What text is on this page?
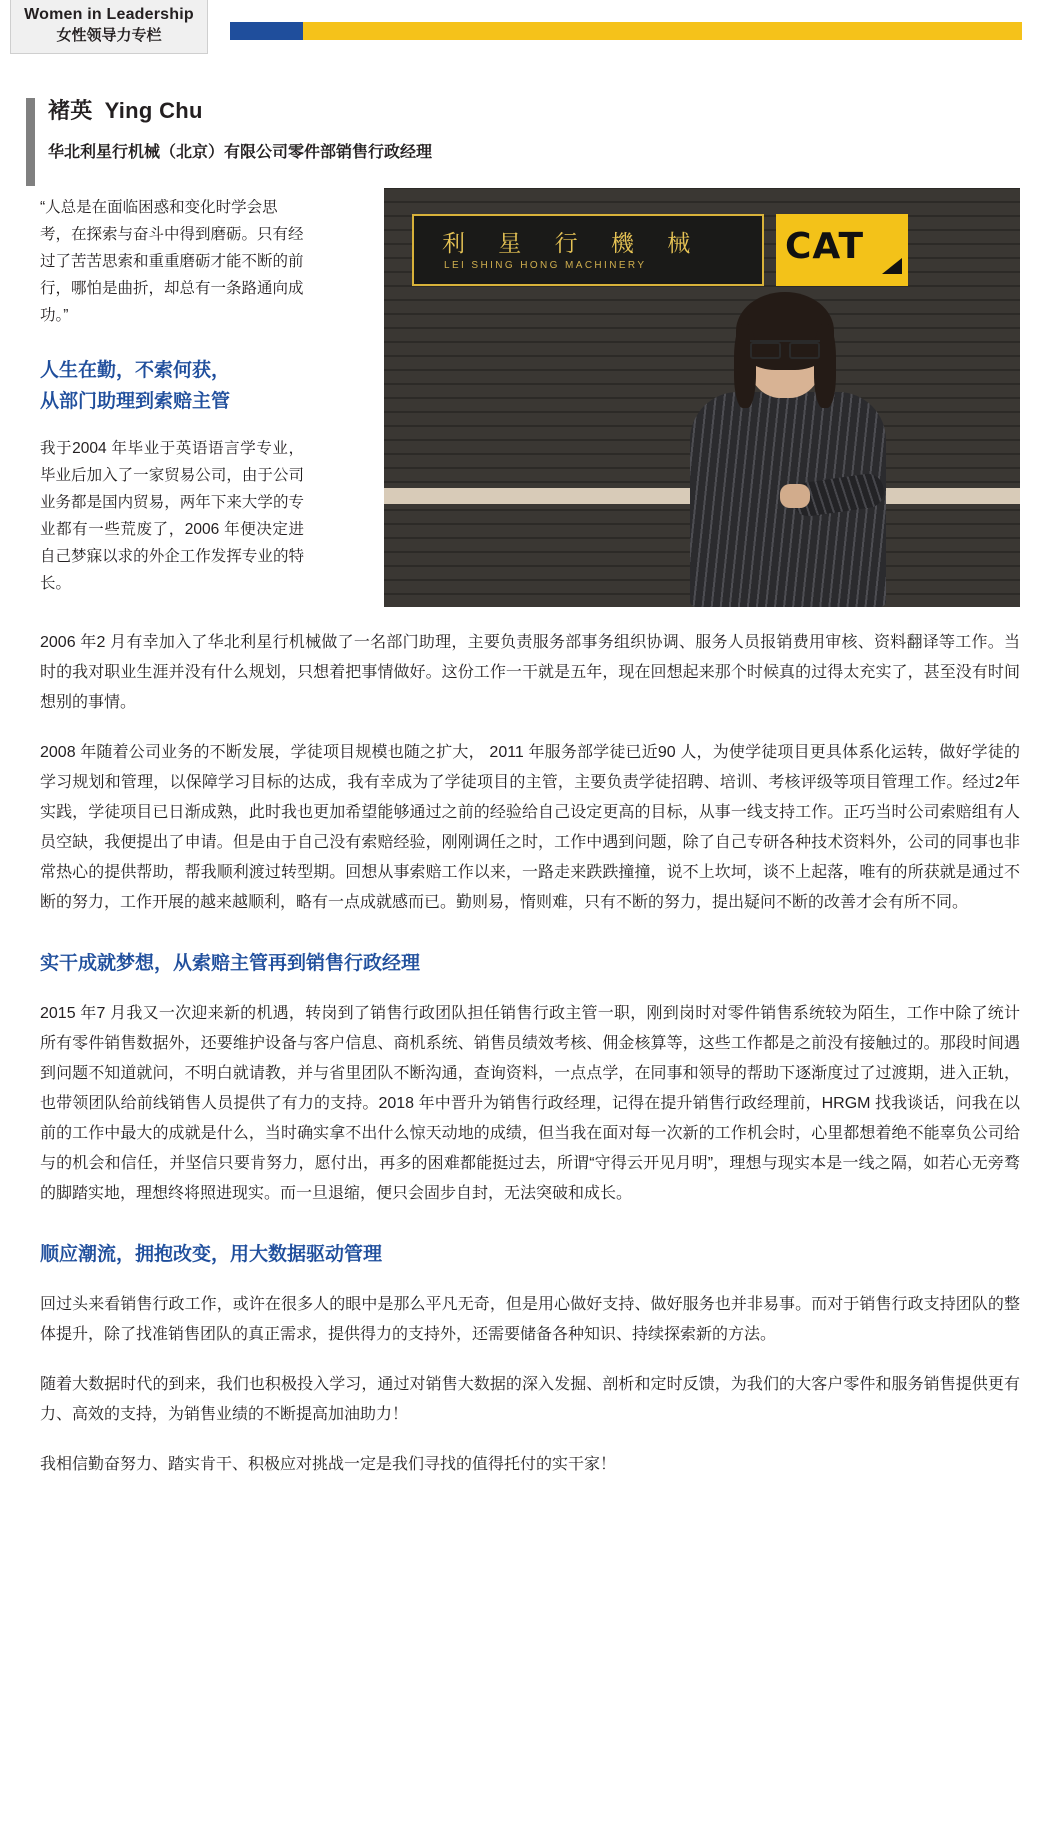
Women in Leadership
女性领导力专栏
褚英 Ying Chu
华北利星行机械（北京）有限公司零件部销售行政经理
利 星 行 機 械
LEI SHING HONG MACHINERY	CAT
“人总是在面临困惑和变化时学会思考，在探索与奋斗中得到磨砺。只有经过了苦苦思索和重重磨砺才能不断的前行，哪怕是曲折，却总有一条路通向成功。”
人生在勤，不索何获，
从部门助理到索赔主管
我于2004 年毕业于英语语言学专业，毕业后加入了一家贸易公司，由于公司业务都是国内贸易，两年下来大学的专业都有一些荒废了，2006 年便决定进自己梦寐以求的外企工作发挥专业的特长。
2006 年2 月有幸加入了华北利星行机械做了一名部门助理，主要负责服务部事务组织协调、服务人员报销费用审核、资料翻译等工作。当时的我对职业生涯并没有什么规划，只想着把事情做好。这份工作一干就是五年，现在回想起来那个时候真的过得太充实了，甚至没有时间想别的事情。
2008 年随着公司业务的不断发展，学徒项目规模也随之扩大， 2011 年服务部学徒已近90 人，为使学徒项目更具体系化运转，做好学徒的学习规划和管理，以保障学习目标的达成，我有幸成为了学徒项目的主管，主要负责学徒招聘、培训、考核评级等项目管理工作。经过2年实践，学徒项目已日渐成熟，此时我也更加希望能够通过之前的经验给自己设定更高的目标，从事一线支持工作。正巧当时公司索赔组有人员空缺，我便提出了申请。但是由于自己没有索赔经验，刚刚调任之时，工作中遇到问题，除了自己专研各种技术资料外，公司的同事也非常热心的提供帮助，帮我顺利渡过转型期。回想从事索赔工作以来，一路走来跌跌撞撞，说不上坎坷，谈不上起落，唯有的所获就是通过不断的努力，工作开展的越来越顺利，略有一点成就感而已。勤则易，惰则难，只有不断的努力，提出疑问不断的改善才会有所不同。
实干成就梦想，从索赔主管再到销售行政经理
2015 年7 月我又一次迎来新的机遇，转岗到了销售行政团队担任销售行政主管一职，刚到岗时对零件销售系统较为陌生，工作中除了统计所有零件销售数据外，还要维护设备与客户信息、商机系统、销售员绩效考核、佣金核算等，这些工作都是之前没有接触过的。那段时间遇到问题不知道就问，不明白就请教，并与省里团队不断沟通，查询资料，一点点学，在同事和领导的帮助下逐渐度过了过渡期，进入正轨，也带领团队给前线销售人员提供了有力的支持。2018 年中晋升为销售行政经理，记得在提升销售行政经理前，HRGM 找我谈话，问我在以前的工作中最大的成就是什么，当时确实拿不出什么惊天动地的成绩，但当我在面对每一次新的工作机会时，心里都想着绝不能辜负公司给与的机会和信任，并坚信只要肯努力，愿付出，再多的困难都能挺过去，所谓“守得云开见月明”，理想与现实本是一线之隔，如若心无旁骛的脚踏实地，理想终将照进现实。而一旦退缩，便只会固步自封，无法突破和成长。
顺应潮流，拥抱改变，用大数据驱动管理
回过头来看销售行政工作，或许在很多人的眼中是那么平凡无奇，但是用心做好支持、做好服务也并非易事。而对于销售行政支持团队的整体提升，除了找准销售团队的真正需求，提供得力的支持外，还需要储备各种知识、持续探索新的方法。
随着大数据时代的到来，我们也积极投入学习，通过对销售大数据的深入发掘、剖析和定时反馈，为我们的大客户零件和服务销售提供更有力、高效的支持，为销售业绩的不断提高加油助力！
我相信勤奋努力、踏实肯干、积极应对挑战一定是我们寻找的值得托付的实干家！
